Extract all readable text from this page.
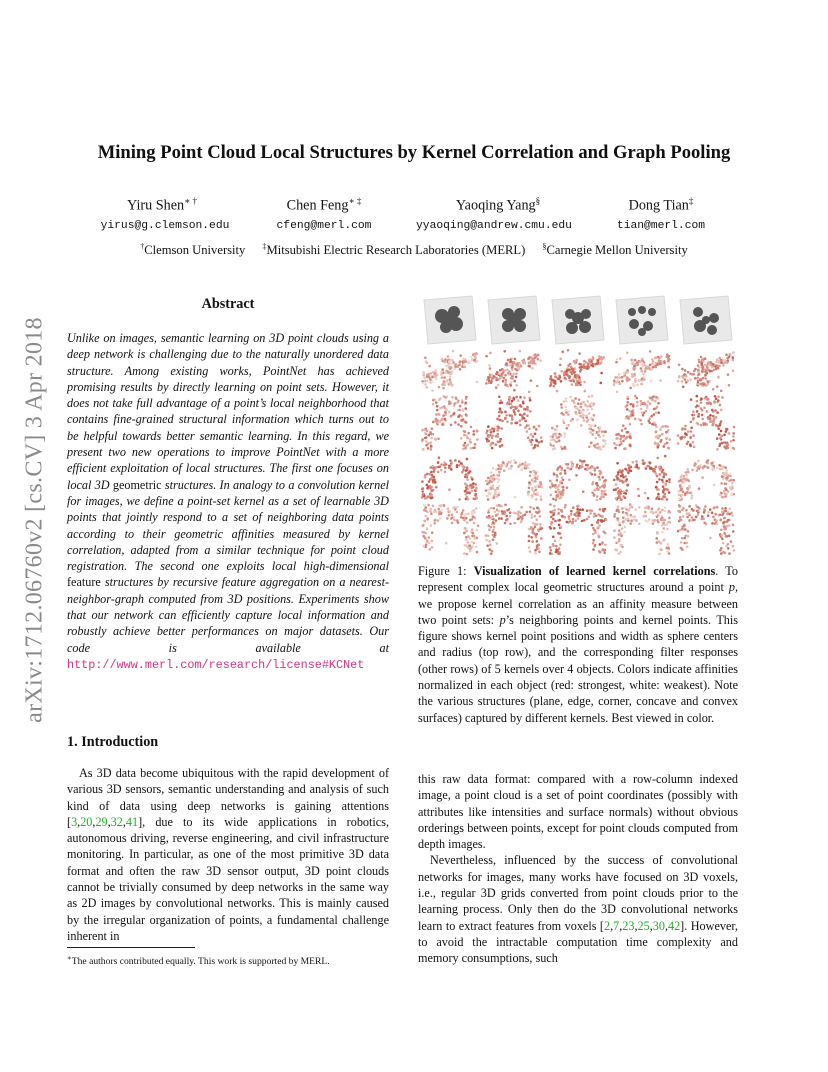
arXiv:1712.06760v2 [cs.CV] 3 Apr 2018
Mining Point Cloud Local Structures by Kernel Correlation and Graph Pooling
Yiru Shen∗ †	Chen Feng∗ ‡	Yaoqing Yang§	Dong Tian‡
yirus@g.clemson.edu	cfeng@merl.com	yyaoqing@andrew.cmu.edu	tian@merl.com
†Clemson University ‡Mitsubishi Electric Research Laboratories (MERL) §Carnegie Mellon University
Abstract
Unlike on images, semantic learning on 3D point clouds using a deep network is challenging due to the naturally unordered data structure. Among existing works, PointNet has achieved promising results by directly learning on point sets. However, it does not take full advantage of a point’s local neighborhood that contains fine-grained structural information which turns out to be helpful towards better semantic learning. In this regard, we present two new operations to improve PointNet with a more efficient exploitation of local structures. The first one focuses on local 3D geometric structures. In analogy to a convolution kernel for images, we define a point-set kernel as a set of learnable 3D points that jointly respond to a set of neighboring data points according to their geometric affinities measured by kernel correlation, adapted from a similar technique for point cloud registration. The second one exploits local high-dimensional feature structures by recursive feature aggregation on a nearest-neighbor-graph computed from 3D positions. Experiments show that our network can efficiently capture local information and robustly achieve better performances on major datasets. Our code is available at http://www.merl.com/research/license#KCNet
1. Introduction

As 3D data become ubiquitous with the rapid development of various 3D sensors, semantic understanding and analysis of such kind of data using deep networks is gaining attentions [3,20,29,32,41], due to its wide applications in robotics, autonomous driving, reverse engineering, and civil infrastructure monitoring. In particular, as one of the most primitive 3D data format and often the raw 3D sensor output, 3D point clouds cannot be trivially consumed by deep networks in the same way as 2D images by convolutional networks. This is mainly caused by the irregular organization of points, a fundamental challenge inherent in

∗The authors contributed equally. This work is supported by MERL.
Figure 1: Visualization of learned kernel correlations. To represent complex local geometric structures around a point p, we propose kernel correlation as an affinity measure between two point sets: p’s neighboring points and kernel points. This figure shows kernel point positions and width as sphere centers and radius (top row), and the corresponding filter responses (other rows) of 5 kernels over 4 objects. Colors indicate affinities normalized in each object (red: strongest, white: weakest). Note the various structures (plane, edge, corner, concave and convex surfaces) captured by different kernels. Best viewed in color.

this raw data format: compared with a row-column indexed image, a point cloud is a set of point coordinates (possibly with attributes like intensities and surface normals) without obvious orderings between points, except for point clouds computed from depth images.

Nevertheless, influenced by the success of convolutional networks for images, many works have focused on 3D voxels, i.e., regular 3D grids converted from point clouds prior to the learning process. Only then do the 3D convolutional networks learn to extract features from voxels [2,7,23,25,30,42]. However, to avoid the intractable computation time complexity and memory consumptions, such
